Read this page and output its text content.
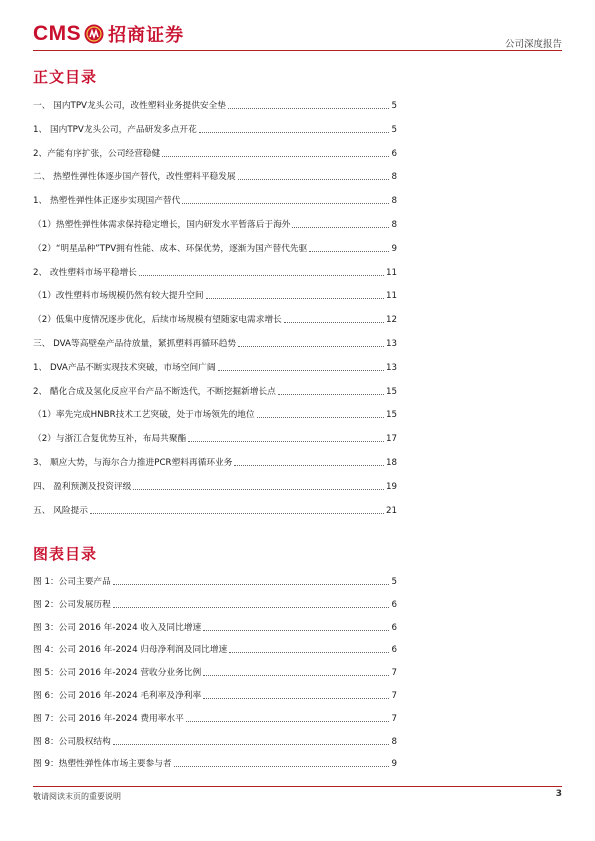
CMS 招商证券	公司深度报告
正文目录
一、 国内TPV龙头公司，改性塑料业务提供安全垫	5
1、 国内TPV龙头公司，产品研发多点开花	5
2、产能有序扩张，公司经营稳健	6
二、 热塑性弹性体逐步国产替代，改性塑料平稳发展	8
1、 热塑性弹性体正逐步实现国产替代	8
（1）热塑性弹性体需求保持稳定增长，国内研发水平暂落后于海外	8
（2）“明星品种”TPV拥有性能、成本、环保优势，逐渐为国产替代先驱	9
2、 改性塑料市场平稳增长	11
（1）改性塑料市场规模仍然有较大提升空间	11
（2）低集中度情况逐步优化，后续市场规模有望随家电需求增长	12
三、 DVA等高壁垒产品待放量，紧抓塑料再循环趋势	13
1、 DVA产品不断实现技术突破，市场空间广阔	13
2、 醋化合成及氢化反应平台产品不断迭代，不断挖掘新增长点	15
（1）率先完成HNBR技术工艺突破，处于市场领先的地位	15
（2）与浙江合复优势互补，布局共聚酯	17
3、 顺应大势，与海尔合力推进PCR塑料再循环业务	18
四、 盈利预测及投资评级	19
五、 风险提示	21
图表目录
图 1：公司主要产品	5
图 2：公司发展历程	6
图 3：公司 2016 年-2024 收入及同比增速	6
图 4：公司 2016 年-2024 归母净利润及同比增速	6
图 5：公司 2016 年-2024 营收分业务比例	7
图 6：公司 2016 年-2024 毛利率及净利率	7
图 7：公司 2016 年-2024 费用率水平	7
图 8：公司股权结构	8
图 9：热塑性弹性体市场主要参与者	9
敬请阅读末页的重要说明	3
